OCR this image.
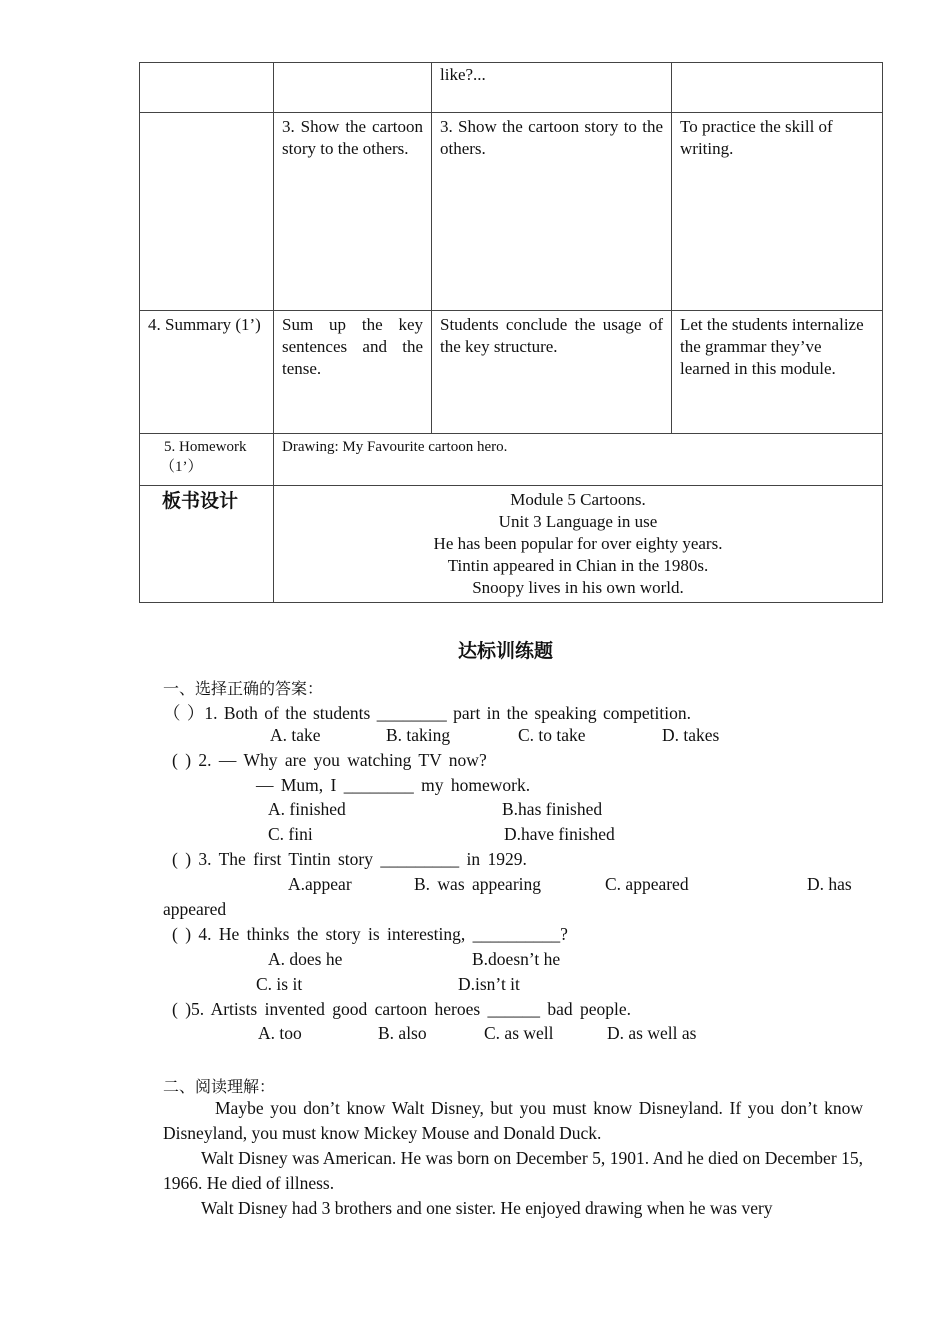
		like?...	
	3. Show the cartoon story to the others.	3. Show the cartoon story to the others.	To practice the skill of writing.
4. Summary (1’)	Sum up the key sentences and the tense.	Students conclude the usage of the key structure.	Let the students internalize the grammar they’ve learned in this module.

5. Homework
（1’）	Drawing: My Favourite cartoon hero.		
板书设计	Module 5 Cartoons.
Unit 3 Language in use
He has been popular for over eighty years.
Tintin appeared in Chian in the 1980s.
Snoopy lives in his own world.		
达标训练题
一、选择正确的答案：
（ ）1. Both of the students ________ part in the speaking competition.
A. take	B. taking	C. to take	D. takes
( ) 2. — Why are you watching TV now?
— Mum, I ________ my homework.
A. finished	B.has finished
C. fini	D.have finished
( ) 3. The first Tintin story _________ in 1929.
A.appear	B. was appearing	C. appeared	D. has
appeared
( ) 4. He thinks the story is interesting, __________?
A. does he	B.doesn’t he
C. is it	D.isn’t it
( )5. Artists invented good cartoon heroes ______ bad people.
A. too	B. also	C. as well	D. as well as
二、阅读理解：
Maybe you don’t know Walt Disney, but you must know Disneyland. If you don’t know Disneyland, you must know Mickey Mouse and Donald Duck.
Walt Disney was American. He was born on December 5, 1901. And he died on December 15, 1966. He died of illness.
Walt Disney had 3 brothers and one sister. He enjoyed drawing when he was very
